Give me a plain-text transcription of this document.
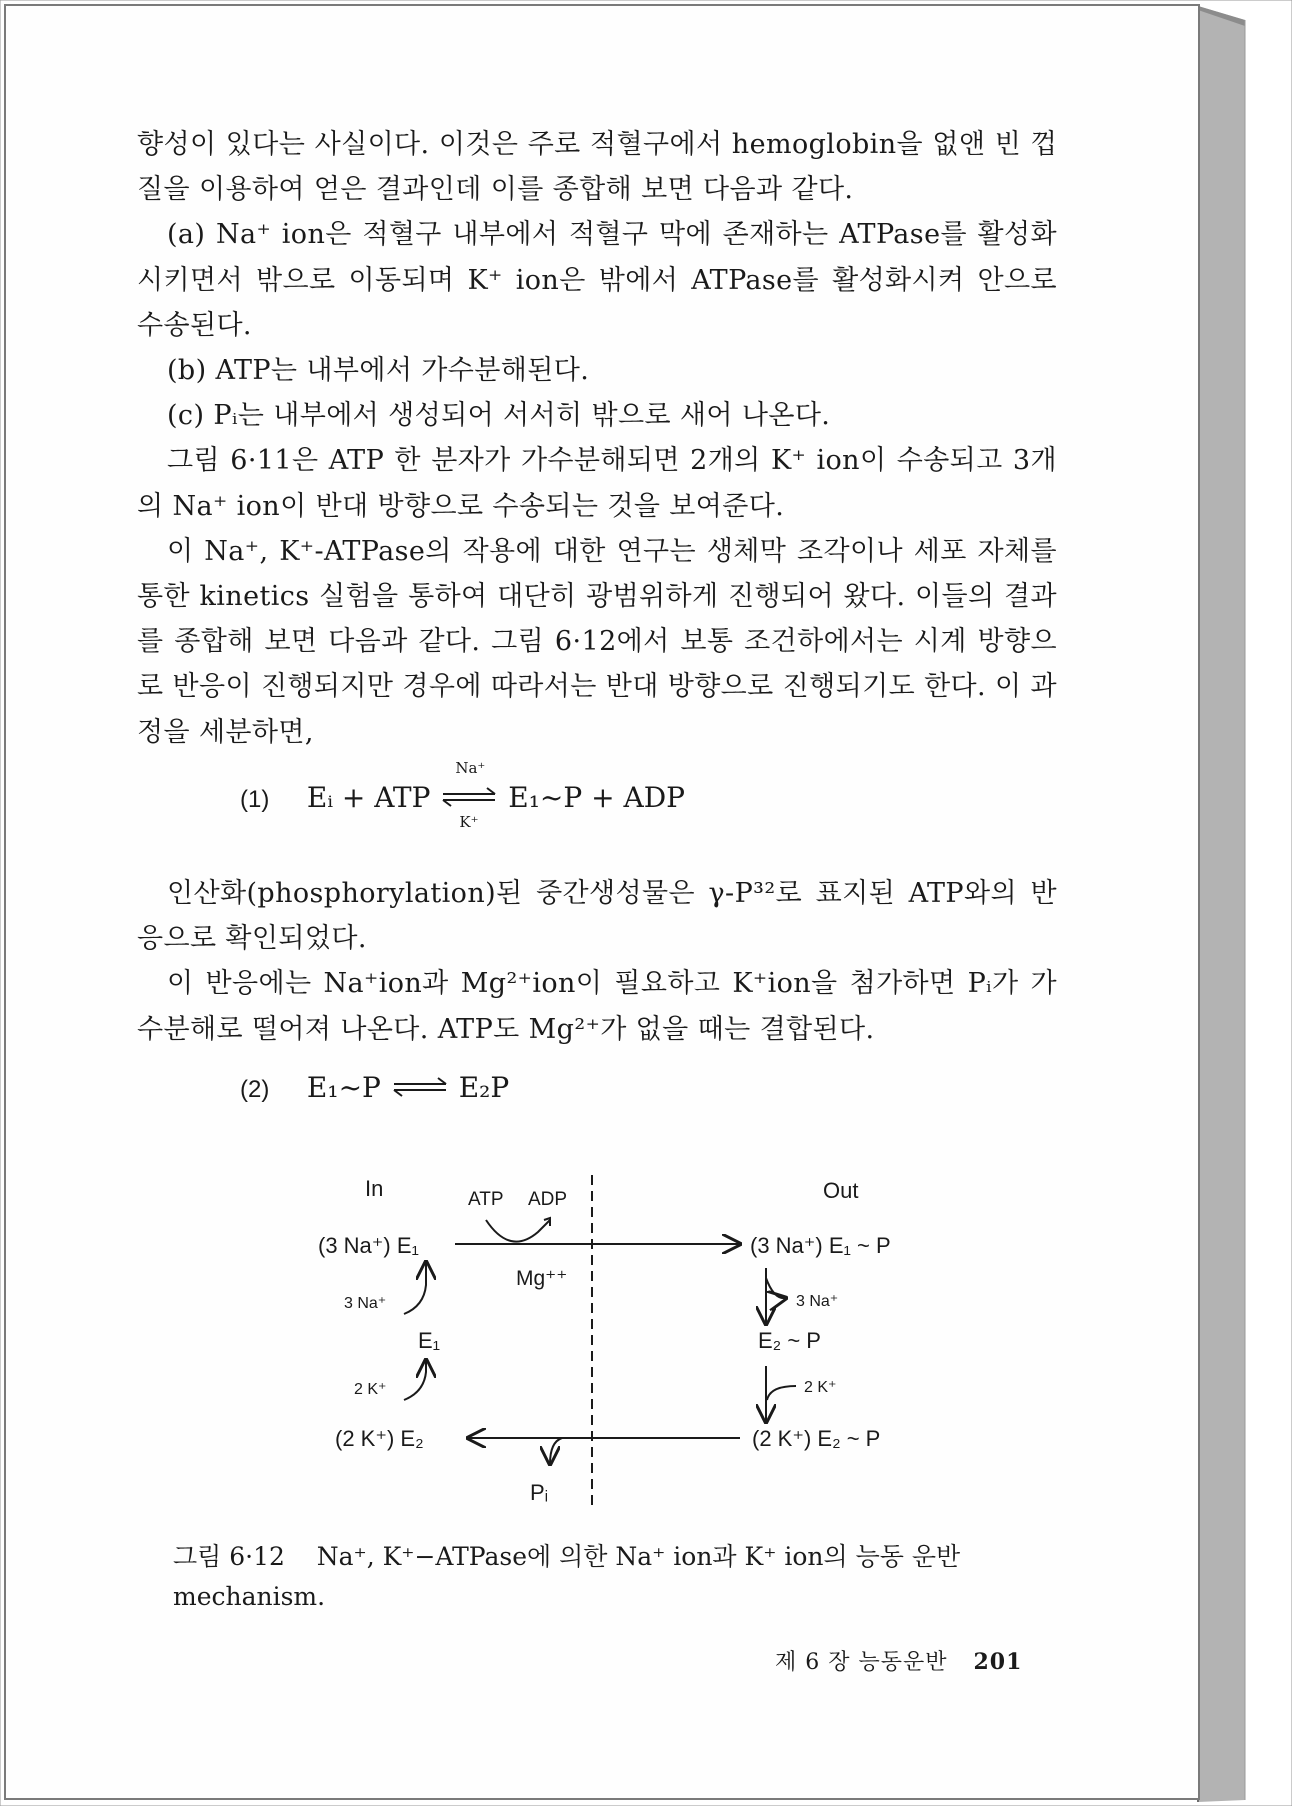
향성이 있다는 사실이다. 이것은 주로 적혈구에서 hemoglobin을 없앤 빈 껍질을 이용하여 얻은 결과인데 이를 종합해 보면 다음과 같다.

(a) Na⁺ ion은 적혈구 내부에서 적혈구 막에 존재하는 ATPase를 활성화시키면서 밖으로 이동되며 K⁺ ion은 밖에서 ATPase를 활성화시켜 안으로 수송된다.

(b) ATP는 내부에서 가수분해된다.

(c) Pᵢ는 내부에서 생성되어 서서히 밖으로 새어 나온다.

그림 6·11은 ATP 한 분자가 가수분해되면 2개의 K⁺ ion이 수송되고 3개의 Na⁺ ion이 반대 방향으로 수송되는 것을 보여준다.

이 Na⁺, K⁺-ATPase의 작용에 대한 연구는 생체막 조각이나 세포 자체를 통한 kinetics 실험을 통하여 대단히 광범위하게 진행되어 왔다. 이들의 결과를 종합해 보면 다음과 같다. 그림 6·12에서 보통 조건하에서는 시계 방향으로 반응이 진행되지만 경우에 따라서는 반대 방향으로 진행되기도 한다. 이 과정을 세분하면,

(1) Eᵢ + ATP
Na⁺
K⁺
E₁~P + ADP

인산화(phosphorylation)된 중간생성물은 γ-P³²로 표지된 ATP와의 반응으로 확인되었다.

이 반응에는 Na⁺ion과 Mg²⁺ion이 필요하고 K⁺ion을 첨가하면 Pᵢ가 가수분해로 떨어져 나온다. ATP도 Mg²⁺가 없을 때는 결합된다.

(2) E₁~P ⇌ E₂P
In	Out
ATP ADP
(3 Na⁺) E₁	(3 Na⁺) E₁ ~ P
Mg⁺⁺
3 Na⁺	3 Na⁺
E₁	E₂ ~ P
2 K⁺	2 K⁺
(2 K⁺) E₂	(2 K⁺) E₂ ~ P
Pᵢ
그림 6·12 Na⁺, K⁺−ATPase에 의한 Na⁺ ion과 K⁺ ion의 능동 운반 mechanism.
제 6 장 능동운반 201
